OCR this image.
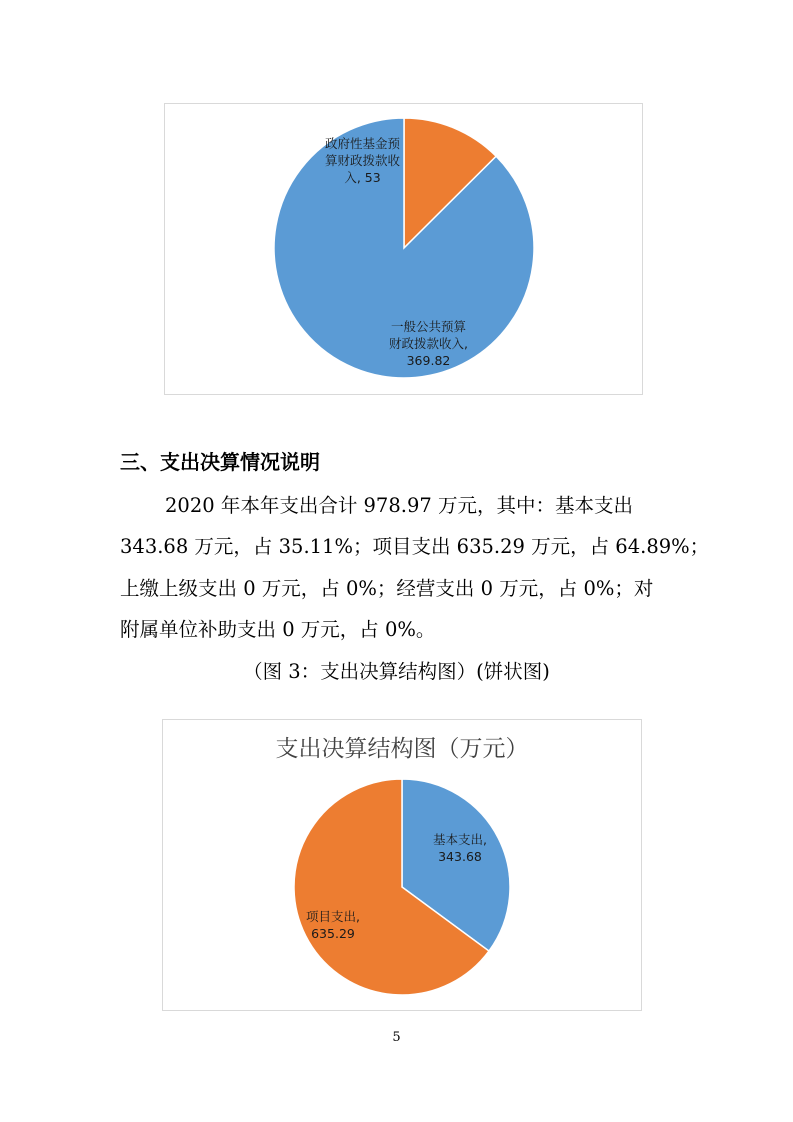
政府性基金预
算财政拨款收
入, 53
一般公共预算
财政拨款收入,
369.82
三、支出决算情况说明

2020 年本年支出合计 978.97 万元，其中：基本支出

343.68 万元，占 35.11%；项目支出 635.29 万元，占 64.89%；

上缴上级支出 0 万元，占 0%；经营支出 0 万元，占 0%；对

附属单位补助支出 0 万元，占 0%。

（图 3：支出决算结构图）(饼状图)

支出决算结构图（万元）
基本支出,
343.68
项目支出,
635.29
5
